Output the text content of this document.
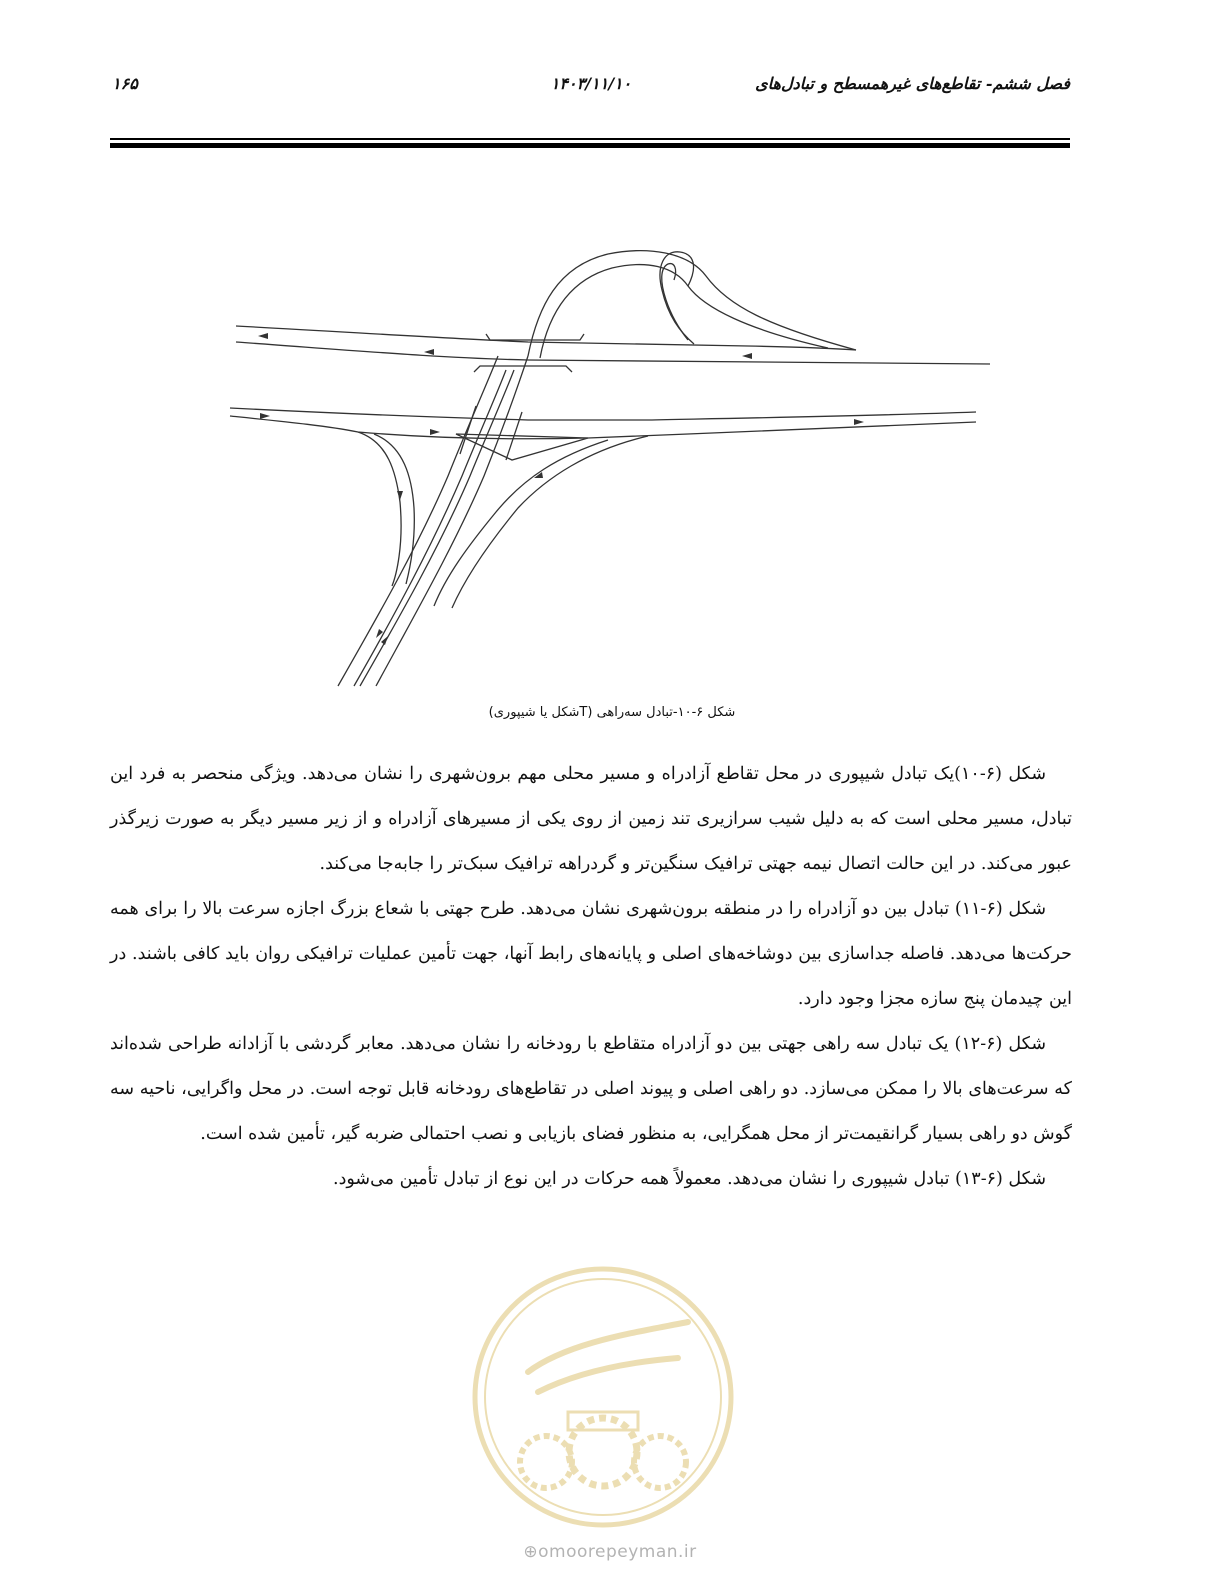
فصل ششم- تقاطع‌های غیرهمسطح و تبادل‌های
۱۴۰۳/۱۱/۱۰
۱۶۵
شکل ۶-۱۰-تبادل سه‌راهی (Tشکل یا شیپوری)

شکل (۶-۱۰)یک تبادل شیپوری در محل تقاطع آزادراه و مسیر محلی مهم برون‌شهری را نشان می‌دهد. ویژگی منحصر به فرد این تبادل، مسیر محلی است که به دلیل شیب سرازیری تند زمین از روی یکی از مسیرهای آزادراه و از زیر مسیر دیگر به صورت زیرگذر عبور می‌کند. در این حالت اتصال نیمه جهتی ترافیک سنگین‌تر و گردراهه ترافیک سبک‌تر را جابه‌جا می‌کند.

شکل (۶-۱۱) تبادل بین دو آزادراه را در منطقه برون‌شهری نشان می‌دهد. طرح جهتی با شعاع بزرگ اجازه سرعت بالا را برای همه حرکت‌ها می‌دهد. فاصله جداسازی بین دوشاخه‌های اصلی و پایانه‌های رابط آنها، جهت تأمین عملیات ترافیکی روان باید کافی باشند. در این چیدمان پنج سازه مجزا وجود دارد.

شکل (۶-۱۲) یک تبادل سه راهی جهتی بین دو آزادراه متقاطع با رودخانه را نشان می‌دهد. معابر گردشی با آزادانه طراحی شده‌اند که سرعت‌های بالا را ممکن می‌سازد. دو راهی اصلی و پیوند اصلی در تقاطع‌های رودخانه قابل توجه است. در محل واگرایی، ناحیه سه گوش دو راهی بسیار گرانقیمت‌تر از محل همگرایی، به منظور فضای بازیابی و نصب احتمالی ضربه گیر، تأمین شده است.

شکل (۶-۱۳) تبادل شیپوری را نشان می‌دهد. معمولاً همه حرکات در این نوع از تبادل تأمین می‌شود.

⊕omoorepeyman.ir
